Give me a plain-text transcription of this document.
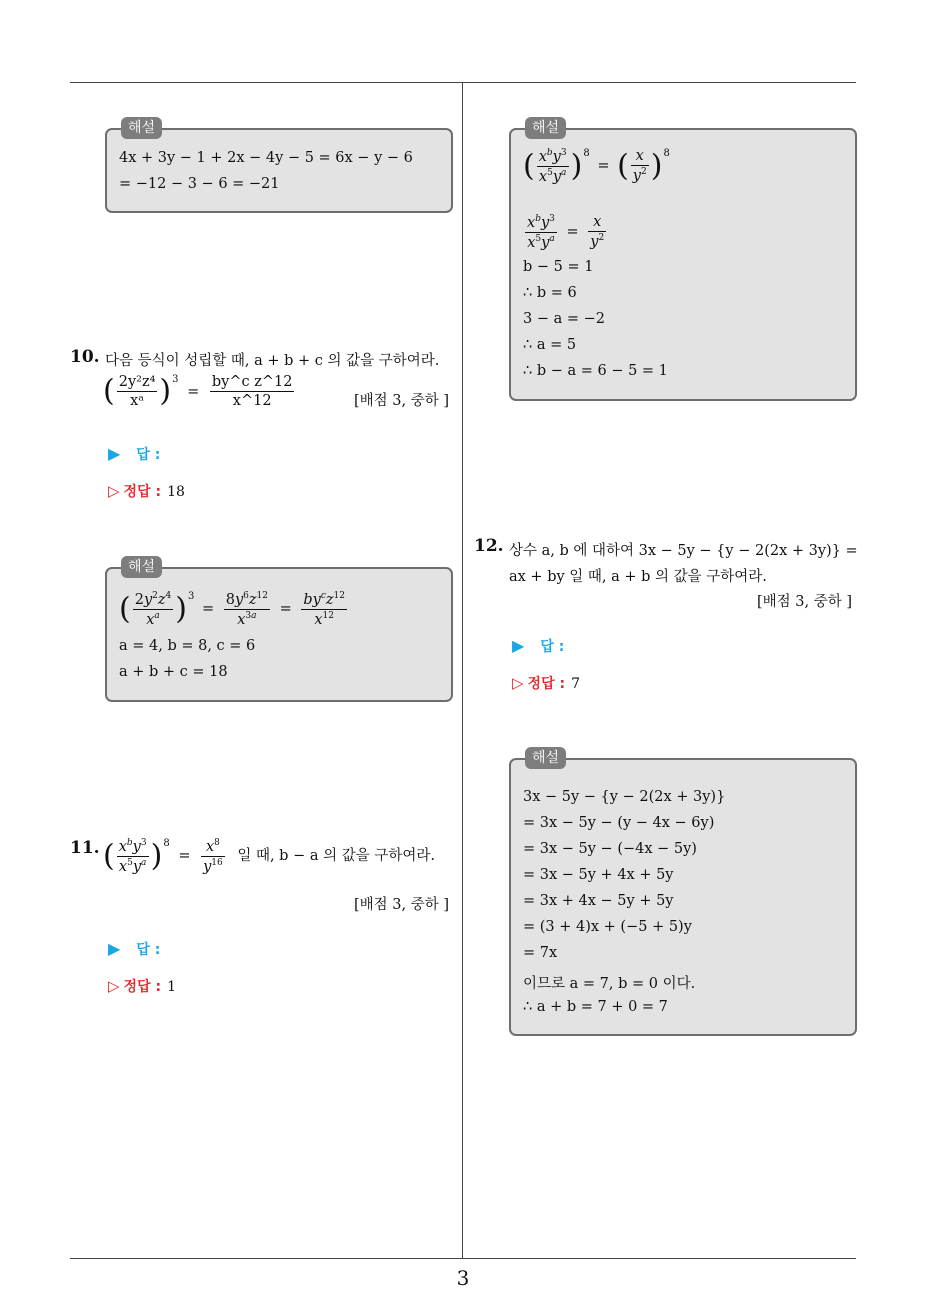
3
해설
4x + 3y − 1 + 2x − 4y − 5 = 6x − y − 6
= −12 − 3 − 6 = −21
10. 다음 등식이 성립할 때, a + b + c 의 값을 구하여라.
( $\frac{\text{2y²z⁴}}{\text{xᵃ}} )^3 = \frac{\text{by\textasciicircum{}c z\textasciicircum{}12}}{x\^{}12}$	[배점 3, 중하 ]
▶ 답 :
▷ 정답 : 18
해설
( $\frac{2y^2z^4}{x^a} )^3 = \frac{8y^6z^{12}}{x^{3a}} = \frac{by^cz^{12}}{x^{12}}$
a = 4, b = 8, c = 6
a + b + c = 18
11. ( $\frac{x^by^3}{x^5y^a} )^8 = \frac{x^8}{y^{16}}$ 일 때, b − a 의 값을 구하여라.
[배점 3, 중하 ]
▶ 답 :
▷ 정답 : 1
해설
( $\frac{x^by^3}{x^5y^a} )^8$ = ( $\frac{x}{y^2} )^8$
$\frac{x^by^3}{x^5y^a} = \frac{x}{y^2}$
b − 5 = 1
∴ b = 6
3 − a = −2
∴ a = 5
∴ b − a = 6 − 5 = 1
12. 상수 a, b 에 대하여 3x − 5y − {y − 2(2x + 3y)} =
ax + by 일 때, a + b 의 값을 구하여라.
[배점 3, 중하 ]
▶ 답 :
▷ 정답 : 7
해설
3x − 5y − {y − 2(2x + 3y)}
= 3x − 5y − (y − 4x − 6y)
= 3x − 5y − (−4x − 5y)
= 3x − 5y + 4x + 5y
= 3x + 4x − 5y + 5y
= (3 + 4)x + (−5 + 5)y
= 7x
이므로 a = 7, b = 0 이다.
∴ a + b = 7 + 0 = 7
